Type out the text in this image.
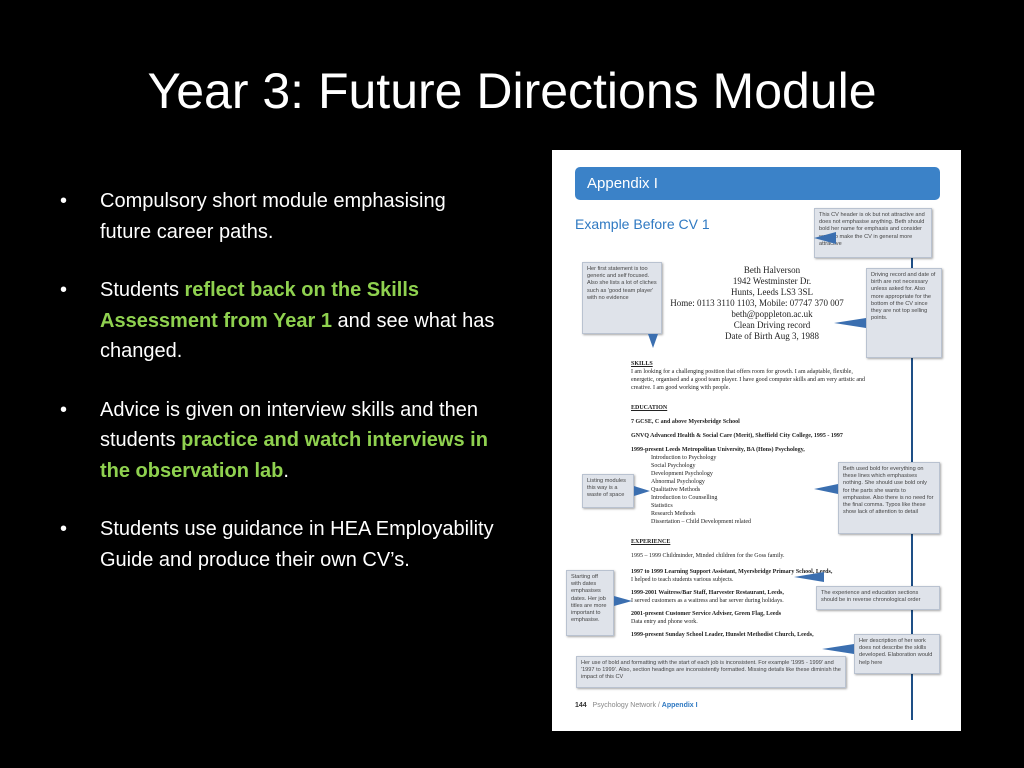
Year 3: Future Directions Module
• Compulsory short module emphasising future career paths.
• Students reflect back on the Skills Assessment from Year 1 and see what has changed.
• Advice is given on interview skills and then students practice and watch interviews in the observation lab.
• Students use guidance in HEA Employability Guide and produce their own CV’s.
Appendix I
Example Before CV 1
Beth Halverson
1942 Westminster Dr.
Hunts, Leeds LS3 3SL
Home: 0113 3110 1103, Mobile: 07747 370 007
beth@poppleton.ac.uk
Clean Driving record
Date of Birth Aug 3, 1988
SKILLS
I am looking for a challenging position that offers room for growth. I am adaptable, flexible, energetic, organised and a good team player. I have good computer skills and am very artistic and creative. I am good working with people.
EDUCATION
7 GCSE, C and above Myersbridge School
GNVQ Advanced Health & Social Care (Merit), Sheffield City College, 1995 - 1997
1999-present Leeds Metropolitan University, BA (Hons) Psychology,
Introduction to Psychology
Social Psychology
Development Psychology
Abnormal Psychology
Qualitative Methods
Introduction to Counselling
Statistics
Research Methods
Dissertation – Child Development related
EXPERIENCE
1995 – 1999 Childminder, Minded children for the Goss family.
1997 to 1999 Learning Support Assistant, Myersbridge Primary School, Leeds,
I helped to teach students various subjects.
1999-2001 Waitress/Bar Staff, Harvester Restaurant, Leeds,
I served customers as a waitress and bar server during holidays.
2001-present Customer Service Adviser, Green Flag, Leeds
Data entry and phone work.
1999-present Sunday School Leader, Hunslet Methodist Church, Leeds,
This CV header is ok but not attractive and does not emphasise anything. Beth should bold her name for emphasis and consider ways to make the CV in general more attractive
Her first statement is too generic and self focused. Also she lists a lot of cliches such as 'good team player' with no evidence
Driving record and date of birth are not necessary unless asked for. Also more appropriate for the bottom of the CV since they are not top selling points.
Listing modules this way is a waste of space
Beth used bold for everything on these lines which emphasises nothing. She should use bold only for the parts she wants to emphasise. Also there is no need for the final comma. Typos like these show lack of attention to detail
Starting off with dates emphasises dates. Her job titles are more important to emphasise.
The experience and education sections should be in reverse chronological order
Her description of her work does not describe the skills developed. Elaboration would help here
Her use of bold and formatting with the start of each job is inconsistent. For example '1995 - 1999' and '1997 to 1999'. Also, section headings are inconsistently formatted. Missing details like these diminish the impact of this CV
144 Psychology Network / Appendix I
